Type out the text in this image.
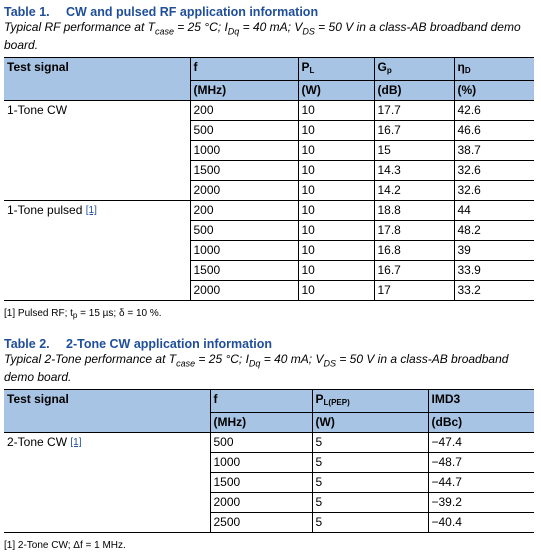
Table 1. CW and pulsed RF application information
Typical RF performance at $T_{case} = 25$ °C; $I_{Dq} = 40$ mA; $V_{DS} = 50$ V in a class-AB broadband demo board.
Test signal	f	$P_L$	$G_p$	$\eta_D$
	(MHz)	(W)	(dB)	(%)
1-Tone CW	200	10	17.7	42.6
	500	10	16.7	46.6
	1000	10	15	38.7
	1500	10	14.3	32.6
	2000	10	14.2	32.6
1-Tone pulsed [1]	200	10	18.8	44
	500	10	17.8	48.2
	1000	10	16.8	39
	1500	10	16.7	33.9
	2000	10	17	33.2
[1] Pulsed RF; $t_p = 15$ µs; δ = 10 %.
Table 2. 2-Tone CW application information
Typical 2-Tone performance at $T_{case} = 25$ °C; $I_{Dq} = 40$ mA; $V_{DS} = 50$ V in a class-AB broadband demo board.
Test signal	f	$P_{L(PEP)}$	IMD3
	(MHz)	(W)	(dBc)
2-Tone CW [1]	500	5	−47.4
	1000	5	−48.7
	1500	5	−44.7
	2000	5	−39.2
	2500	5	−40.4
[1] 2-Tone CW; Δf = 1 MHz.
